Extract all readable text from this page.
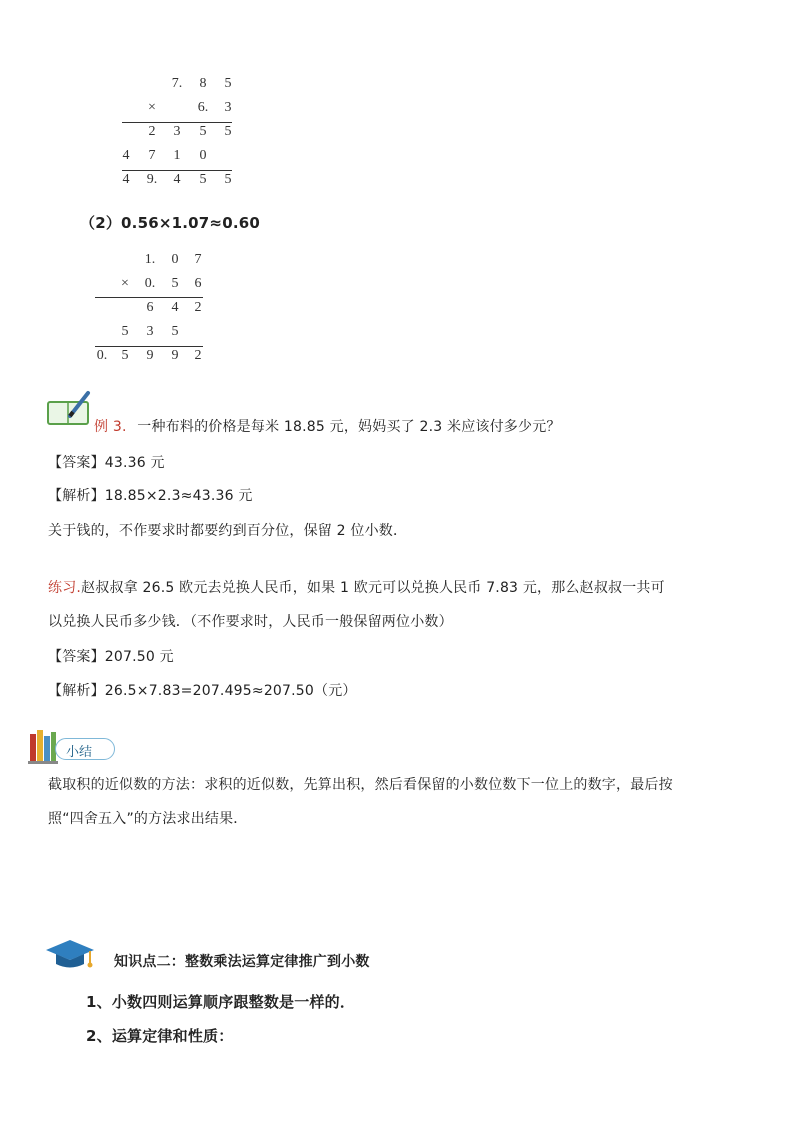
7. 8 5
×	6. 3
2 3 5 5
4 7 1 0
4 9. 4 5 5
（2）0.56×1.07≈0.60
1. 0 7
× 0. 5 6
6 4 2
5 3 5
0. 5 9 9 2
例 3. 一种布料的价格是每米 18.85 元，妈妈买了 2.3 米应该付多少元？
【答案】43.36 元
【解析】18.85×2.3≈43.36 元
关于钱的，不作要求时都要约到百分位，保留 2 位小数．
练习.赵叔叔拿 26.5 欧元去兑换人民币，如果 1 欧元可以兑换人民币 7.83 元，那么赵叔叔一共可
以兑换人民币多少钱．（不作要求时，人民币一般保留两位小数）
【答案】207.50 元
【解析】26.5×7.83=207.495≈207.50（元）
小结
截取积的近似数的方法：求积的近似数，先算出积，然后看保留的小数位数下一位上的数字，最后按
照“四舍五入”的方法求出结果．
知识点二：整数乘法运算定律推广到小数
1、小数四则运算顺序跟整数是一样的．
2、运算定律和性质：
